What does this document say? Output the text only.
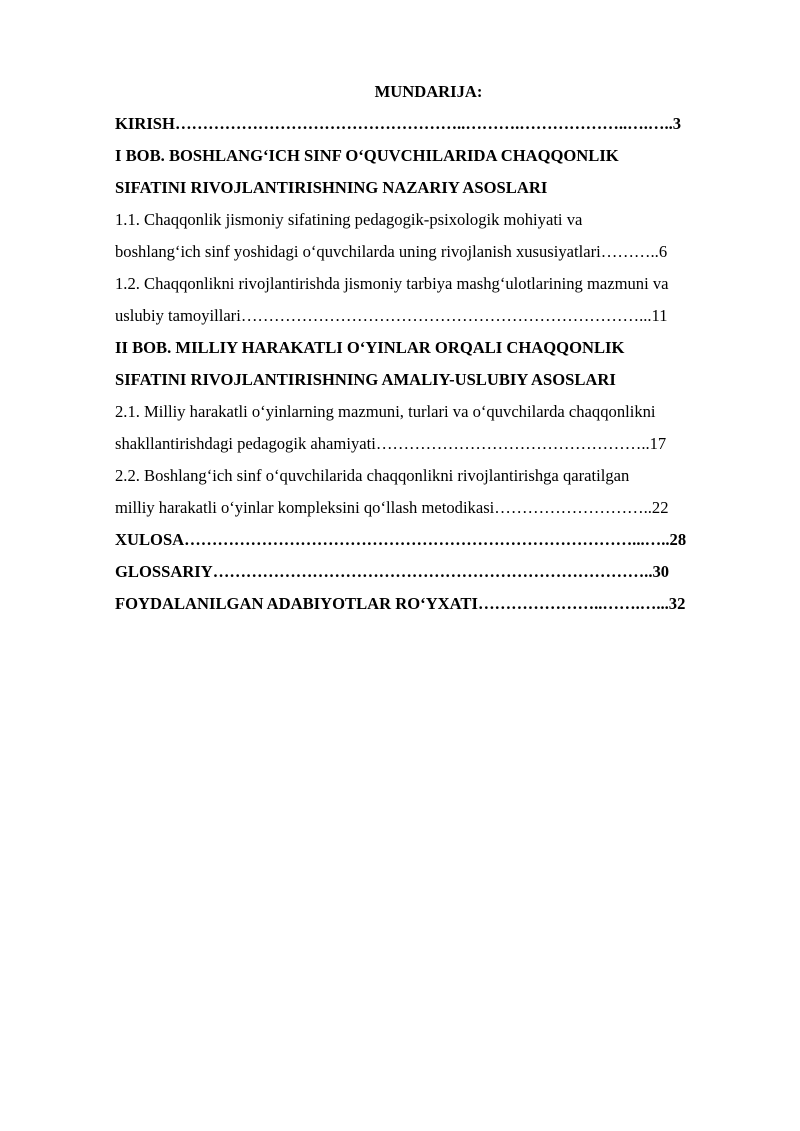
MUNDARIJA:
KIRISH……………………………………………..……….………………..….…..3
I BOB. BOSHLANG‘ICH SINF O‘QUVCHILARIDA CHAQQONLIK
SIFATINI RIVOJLANTIRISHNING NAZARIY ASOSLARI
1.1. Chaqqonlik jismoniy sifatining pedagogik-psixologik mohiyati va
boshlang‘ich sinf yoshidagi o‘quvchilarda uning rivojlanish xususiyatlari………..6
1.2. Chaqqonlikni rivojlantirishda jismoniy tarbiya mashg‘ulotlarining mazmuni va
uslubiy tamoyillari………………………………………………………………...11
II BOB. MILLIY HARAKATLI O‘YINLAR ORQALI CHAQQONLIK
SIFATINI RIVOJLANTIRISHNING AMALIY-USLUBIY ASOSLARI
2.1. Milliy harakatli o‘yinlarning mazmuni, turlari va o‘quvchilarda chaqqonlikni
shakllantirishdagi pedagogik ahamiyati…………………………………………..17
2.2. Boshlang‘ich sinf o‘quvchilarida chaqqonlikni rivojlantirishga qaratilgan
milliy harakatli o‘yinlar kompleksini qo‘llash metodikasi………………………..22
XULOSA………………………………………………………………………...…..28
GLOSSARIY……………………………………………………………………..30
FOYDALANILGAN ADABIYOTLAR RO‘YXATI…………………..…….…...32
